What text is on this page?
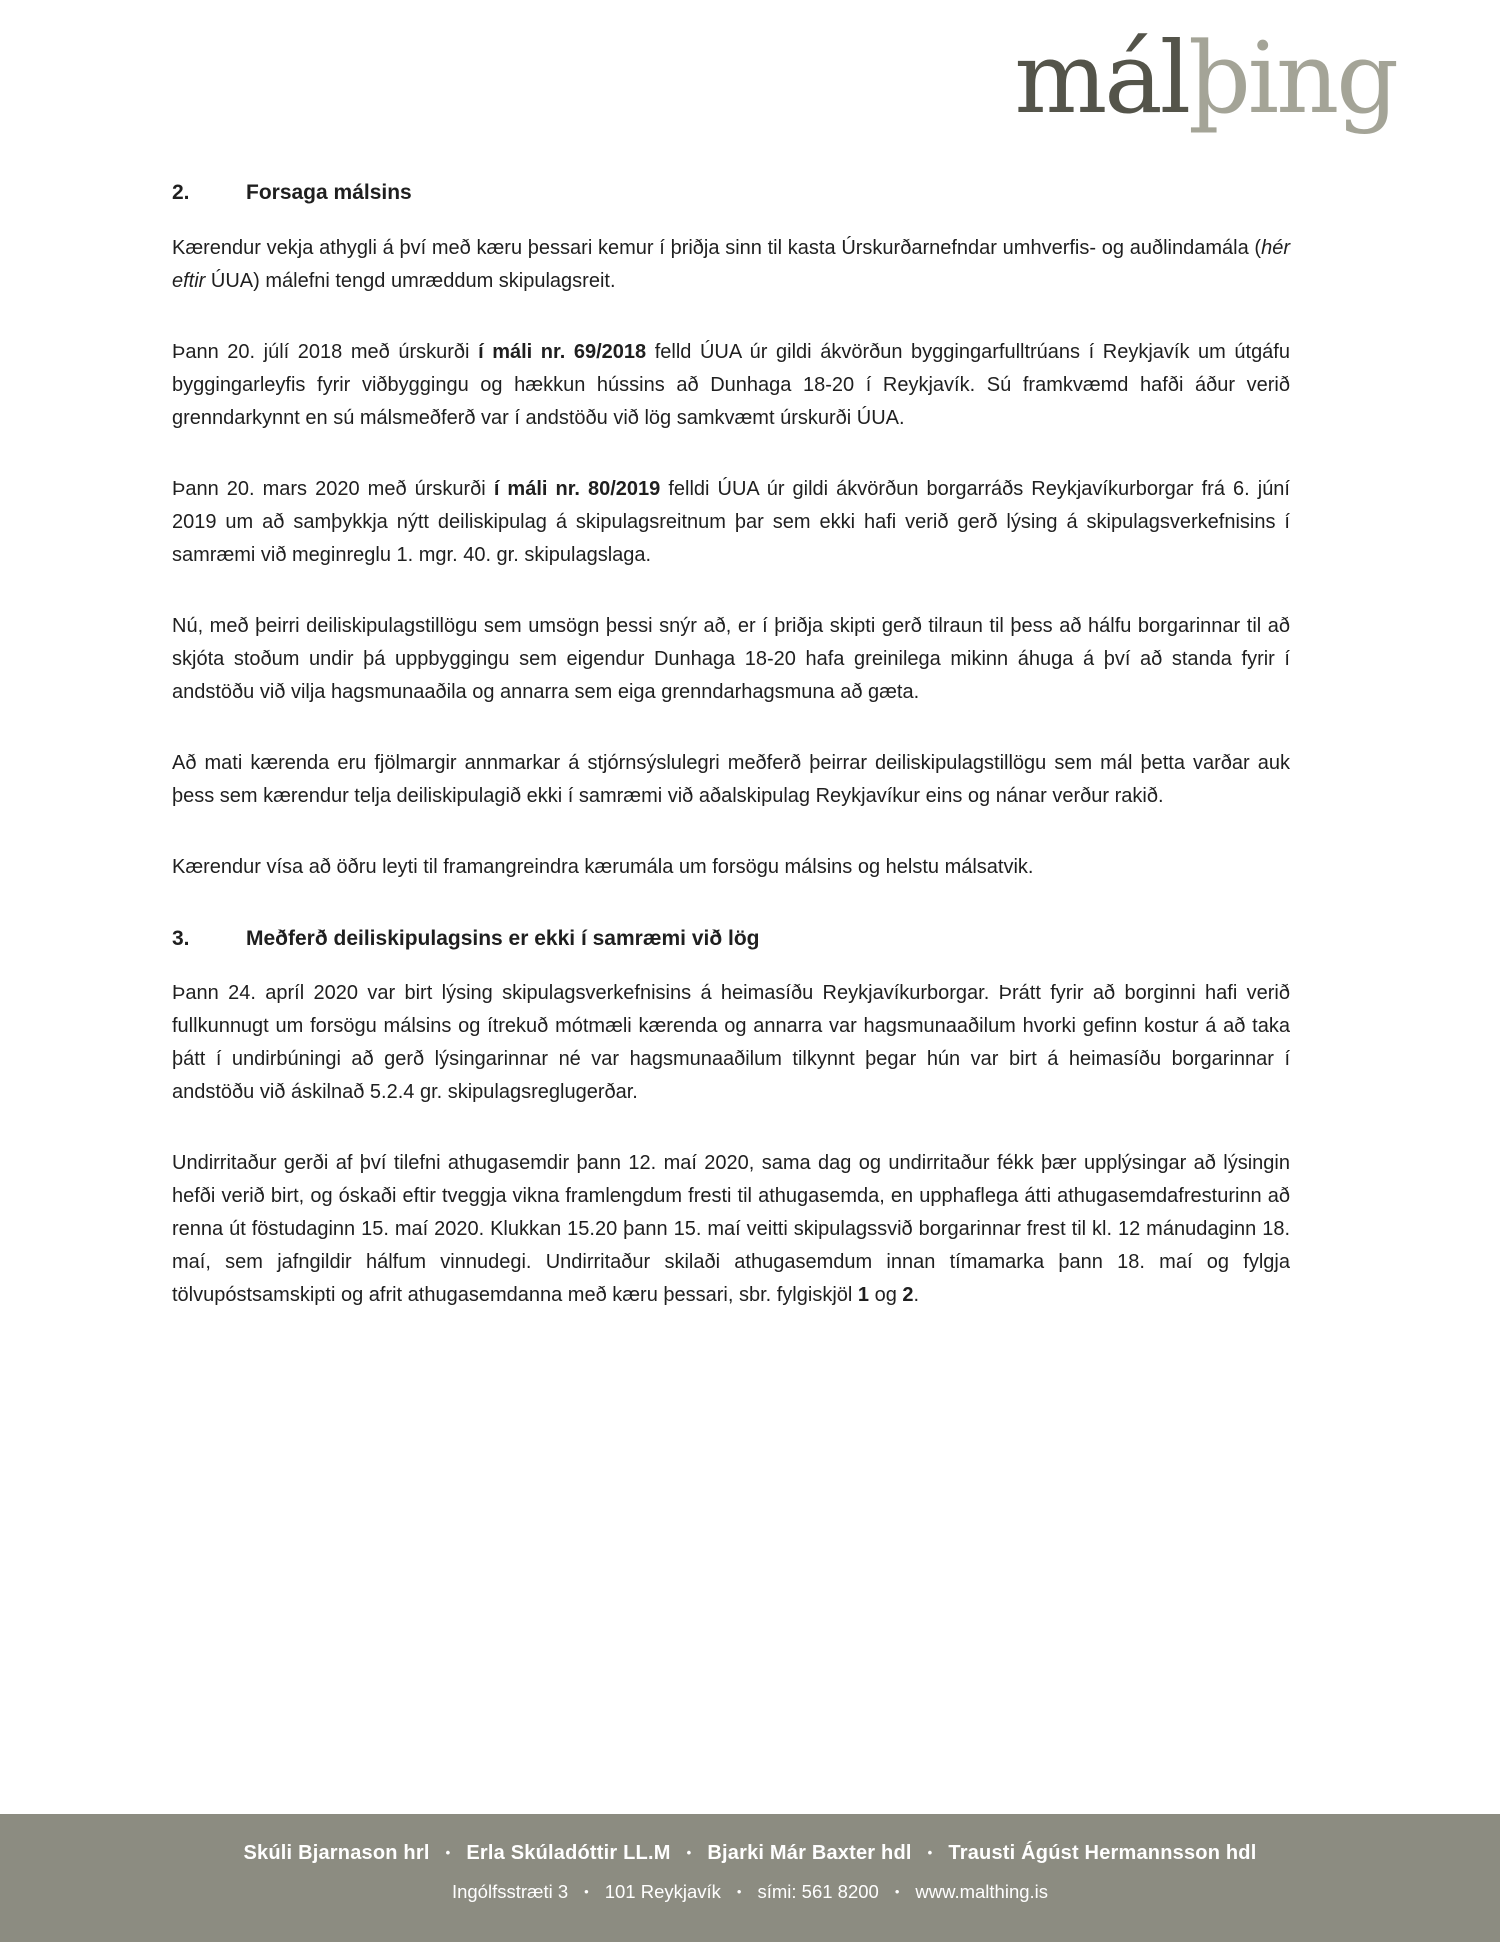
málþing
2.	Forsaga málsins

Kærendur vekja athygli á því með kæru þessari kemur í þriðja sinn til kasta Úrskurðarnefndar umhverfis- og auðlindamála (hér eftir ÚUA) málefni tengd umræddum skipulagsreit.

Þann 20. júlí 2018 með úrskurði í máli nr. 69/2018 felld ÚUA úr gildi ákvörðun byggingarfulltrúans í Reykjavík um útgáfu byggingarleyfis fyrir viðbyggingu og hækkun hússins að Dunhaga 18-20 í Reykjavík. Sú framkvæmd hafði áður verið grenndarkynnt en sú málsmeðferð var í andstöðu við lög samkvæmt úrskurði ÚUA.

Þann 20. mars 2020 með úrskurði í máli nr. 80/2019 felldi ÚUA úr gildi ákvörðun borgarráðs Reykjavíkurborgar frá 6. júní 2019 um að samþykkja nýtt deiliskipulag á skipulagsreitnum þar sem ekki hafi verið gerð lýsing á skipulagsverkefnisins í samræmi við meginreglu 1. mgr. 40. gr. skipulagslaga.

Nú, með þeirri deiliskipulagstillögu sem umsögn þessi snýr að, er í þriðja skipti gerð tilraun til þess að hálfu borgarinnar til að skjóta stoðum undir þá uppbyggingu sem eigendur Dunhaga 18-20 hafa greinilega mikinn áhuga á því að standa fyrir í andstöðu við vilja hagsmunaaðila og annarra sem eiga grenndarhagsmuna að gæta.

Að mati kærenda eru fjölmargir annmarkar á stjórnsýslulegri meðferð þeirrar deiliskipulagstillögu sem mál þetta varðar auk þess sem kærendur telja deiliskipulagið ekki í samræmi við aðalskipulag Reykjavíkur eins og nánar verður rakið.

Kærendur vísa að öðru leyti til framangreindra kærumála um forsögu málsins og helstu málsatvik.

3.	Meðferð deiliskipulagsins er ekki í samræmi við lög

Þann 24. apríl 2020 var birt lýsing skipulagsverkefnisins á heimasíðu Reykjavíkurborgar. Þrátt fyrir að borginni hafi verið fullkunnugt um forsögu málsins og ítrekuð mótmæli kærenda og annarra var hagsmunaaðilum hvorki gefinn kostur á að taka þátt í undirbúningi að gerð lýsingarinnar né var hagsmunaaðilum tilkynnt þegar hún var birt á heimasíðu borgarinnar í andstöðu við áskilnað 5.2.4 gr. skipulagsreglugerðar.

Undirritaður gerði af því tilefni athugasemdir þann 12. maí 2020, sama dag og undirritaður fékk þær upplýsingar að lýsingin hefði verið birt, og óskaði eftir tveggja vikna framlengdum fresti til athugasemda, en upphaflega átti athugasemdafresturinn að renna út föstudaginn 15. maí 2020. Klukkan 15.20 þann 15. maí veitti skipulagssvið borgarinnar frest til kl. 12 mánudaginn 18. maí, sem jafngildir hálfum vinnudegi. Undirritaður skilaði athugasemdum innan tímamarka þann 18. maí og fylgja tölvupóstsamskipti og afrit athugasemdanna með kæru þessari, sbr. fylgiskjöl 1 og 2.

Skúli Bjarnason hrl • Erla Skúladóttir LL.M • Bjarki Már Baxter hdl • Trausti Ágúst Hermannsson hdl
Ingólfsstræti 3 • 101 Reykjavík • sími: 561 8200 • www.malthing.is
